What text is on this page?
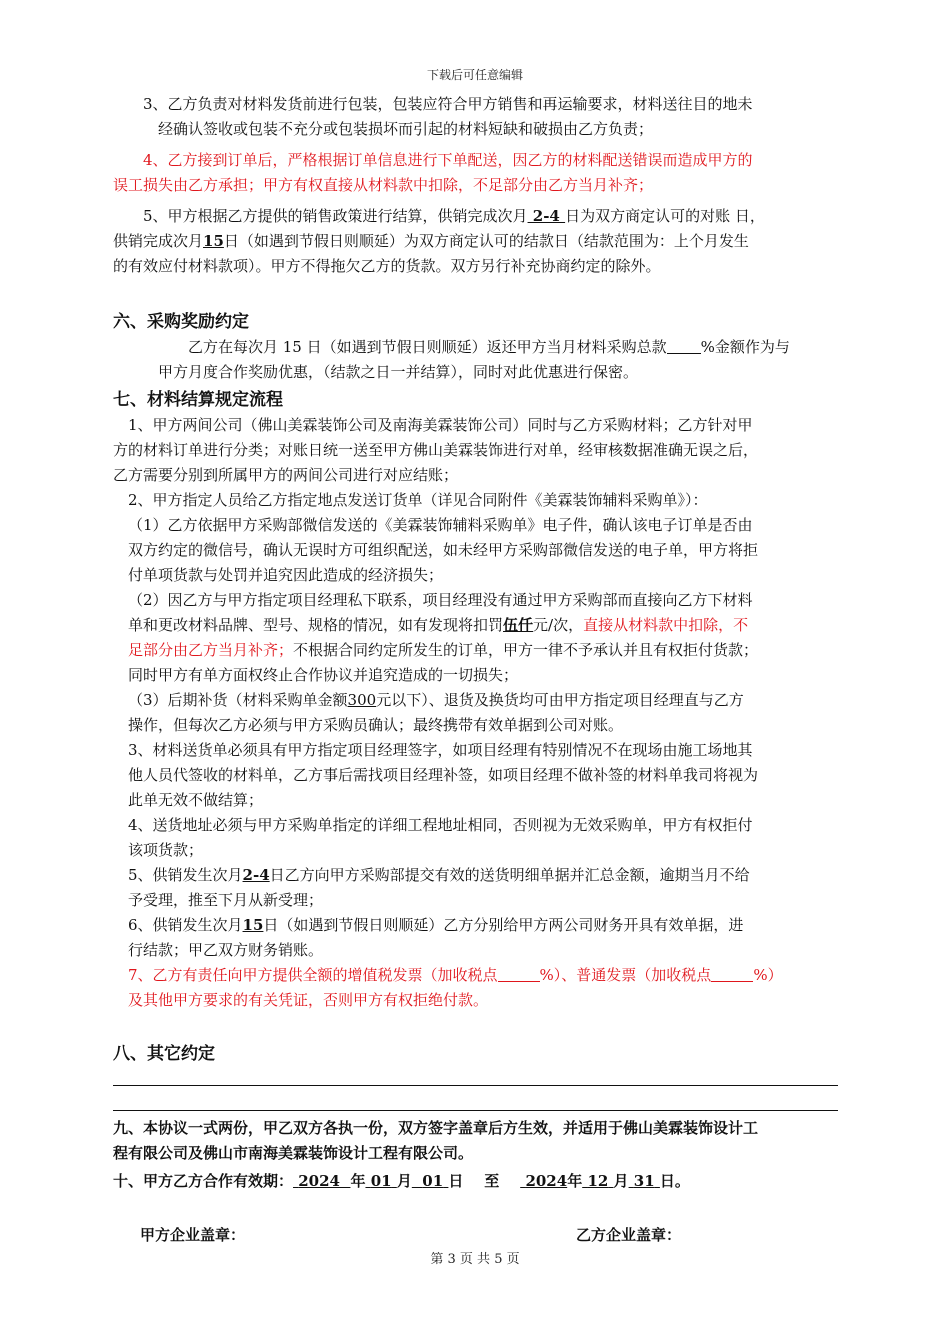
下载后可任意编辑

3、乙方负责对材料发货前进行包装，包装应符合甲方销售和再运输要求，材料送往目的地未

经确认签收或包装不充分或包装损坏而引起的材料短缺和破损由乙方负责；

4、乙方接到订单后，严格根据订单信息进行下单配送，因乙方的材料配送错误而造成甲方的

误工损失由乙方承担；甲方有权直接从材料款中扣除，不足部分由乙方当月补齐；

5、甲方根据乙方提供的销售政策进行结算，供销完成次月 2-4 日为双方商定认可的对账 日，

供销完成次月15日（如遇到节假日则顺延）为双方商定认可的结款日（结款范围为：上个月发生

的有效应付材料款项）。甲方不得拖欠乙方的货款。双方另行补充协商约定的除外。

六、采购奖励约定

乙方在每次月 15 日（如遇到节假日则顺延）返还甲方当月材料采购总款 %金额作为与

甲方月度合作奖励优惠，（结款之日一并结算），同时对此优惠进行保密。

七、材料结算规定流程

1、甲方两间公司（佛山美霖装饰公司及南海美霖装饰公司）同时与乙方采购材料；乙方针对甲

方的材料订单进行分类；对账日统一送至甲方佛山美霖装饰进行对单，经审核数据准确无误之后，

乙方需要分别到所属甲方的两间公司进行对应结账；

2、甲方指定人员给乙方指定地点发送订货单（详见合同附件《美霖装饰辅料采购单》）：

（1）乙方依据甲方采购部微信发送的《美霖装饰辅料采购单》电子件，确认该电子订单是否由

双方约定的微信号，确认无误时方可组织配送，如未经甲方采购部微信发送的电子单，甲方将拒

付单项货款与处罚并追究因此造成的经济损失；

（2）因乙方与甲方指定项目经理私下联系，项目经理没有通过甲方采购部而直接向乙方下材料

单和更改材料品牌、型号、规格的情况，如有发现将扣罚伍仟元/次，直接从材料款中扣除，不

足部分由乙方当月补齐；不根据合同约定所发生的订单，甲方一律不予承认并且有权拒付货款；

同时甲方有单方面权终止合作协议并追究造成的一切损失；

（3）后期补货（材料采购单金额300元以下）、退货及换货均可由甲方指定项目经理直与乙方

操作，但每次乙方必须与甲方采购员确认；最终携带有效单据到公司对账。

3、材料送货单必须具有甲方指定项目经理签字，如项目经理有特别情况不在现场由施工场地其

他人员代签收的材料单，乙方事后需找项目经理补签，如项目经理不做补签的材料单我司将视为

此单无效不做结算；

4、送货地址必须与甲方采购单指定的详细工程地址相同，否则视为无效采购单，甲方有权拒付

该项货款；

5、供销发生次月2-4日乙方向甲方采购部提交有效的送货明细单据并汇总金额，逾期当月不给

予受理，推至下月从新受理；

6、供销发生次月15日（如遇到节假日则顺延）乙方分别给甲方两公司财务开具有效单据，进

行结款；甲乙双方财务销账。

7、乙方有责任向甲方提供全额的增值税发票（加收税点	%）、普通发票（加收税点	%）

及其他甲方要求的有关凭证，否则甲方有权拒绝付款。

八、其它约定

九、本协议一式两份，甲乙双方各执一份，双方签字盖章后方生效，并适用于佛山美霖装饰设计工

程有限公司及佛山市南海美霖装饰设计工程有限公司。

十、甲方乙方合作有效期： 2024 年 01 月 01 日 至 2024年 12 月 31 日。

甲方企业盖章：	乙方企业盖章：
第 3 页 共 5 页
